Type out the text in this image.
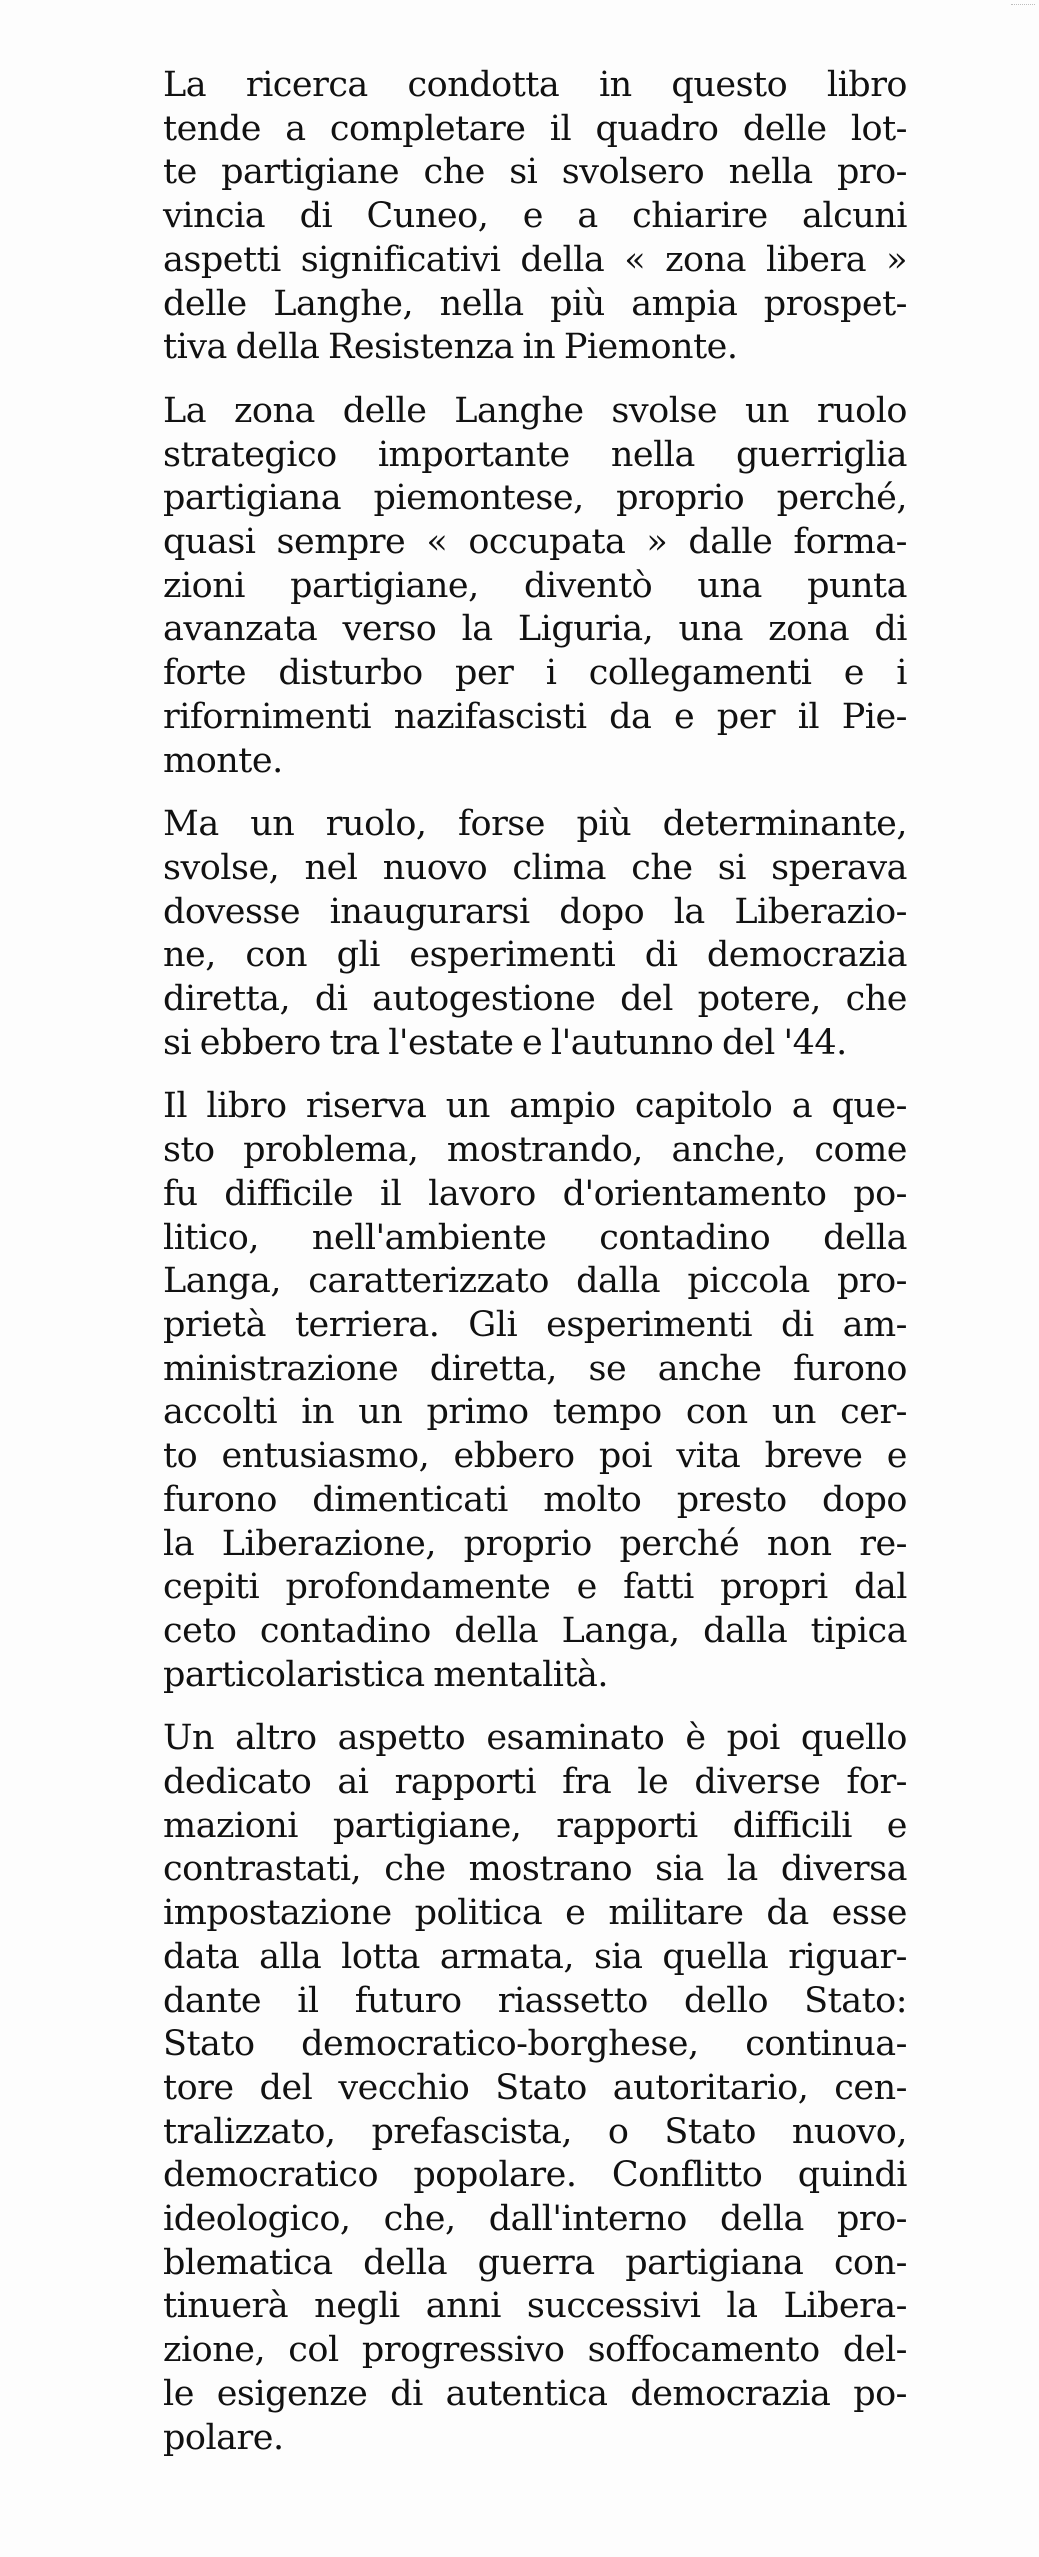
La ricerca condotta in questo libro
tende a completare il quadro delle lot-
te partigiane che si svolsero nella pro-
vincia di Cuneo, e a chiarire alcuni
aspetti significativi della « zona libera »
delle Langhe, nella più ampia prospet-
tiva della Resistenza in Piemonte.
La zona delle Langhe svolse un ruolo
strategico importante nella guerriglia
partigiana piemontese, proprio perché,
quasi sempre « occupata » dalle forma-
zioni partigiane, diventò una punta
avanzata verso la Liguria, una zona di
forte disturbo per i collegamenti e i
rifornimenti nazifascisti da e per il Pie-
monte.
Ma un ruolo, forse più determinante,
svolse, nel nuovo clima che si sperava
dovesse inaugurarsi dopo la Liberazio-
ne, con gli esperimenti di democrazia
diretta, di autogestione del potere, che
si ebbero tra l'estate e l'autunno del '44.
Il libro riserva un ampio capitolo a que-
sto problema, mostrando, anche, come
fu difficile il lavoro d'orientamento po-
litico, nell'ambiente contadino della
Langa, caratterizzato dalla piccola pro-
prietà terriera. Gli esperimenti di am-
ministrazione diretta, se anche furono
accolti in un primo tempo con un cer-
to entusiasmo, ebbero poi vita breve e
furono dimenticati molto presto dopo
la Liberazione, proprio perché non re-
cepiti profondamente e fatti propri dal
ceto contadino della Langa, dalla tipica
particolaristica mentalità.
Un altro aspetto esaminato è poi quello
dedicato ai rapporti fra le diverse for-
mazioni partigiane, rapporti difficili e
contrastati, che mostrano sia la diversa
impostazione politica e militare da esse
data alla lotta armata, sia quella riguar-
dante il futuro riassetto dello Stato:
Stato democratico-borghese, continua-
tore del vecchio Stato autoritario, cen-
tralizzato, prefascista, o Stato nuovo,
democratico popolare. Conflitto quindi
ideologico, che, dall'interno della pro-
blematica della guerra partigiana con-
tinuerà negli anni successivi la Libera-
zione, col progressivo soffocamento del-
le esigenze di autentica democrazia po-
polare.
